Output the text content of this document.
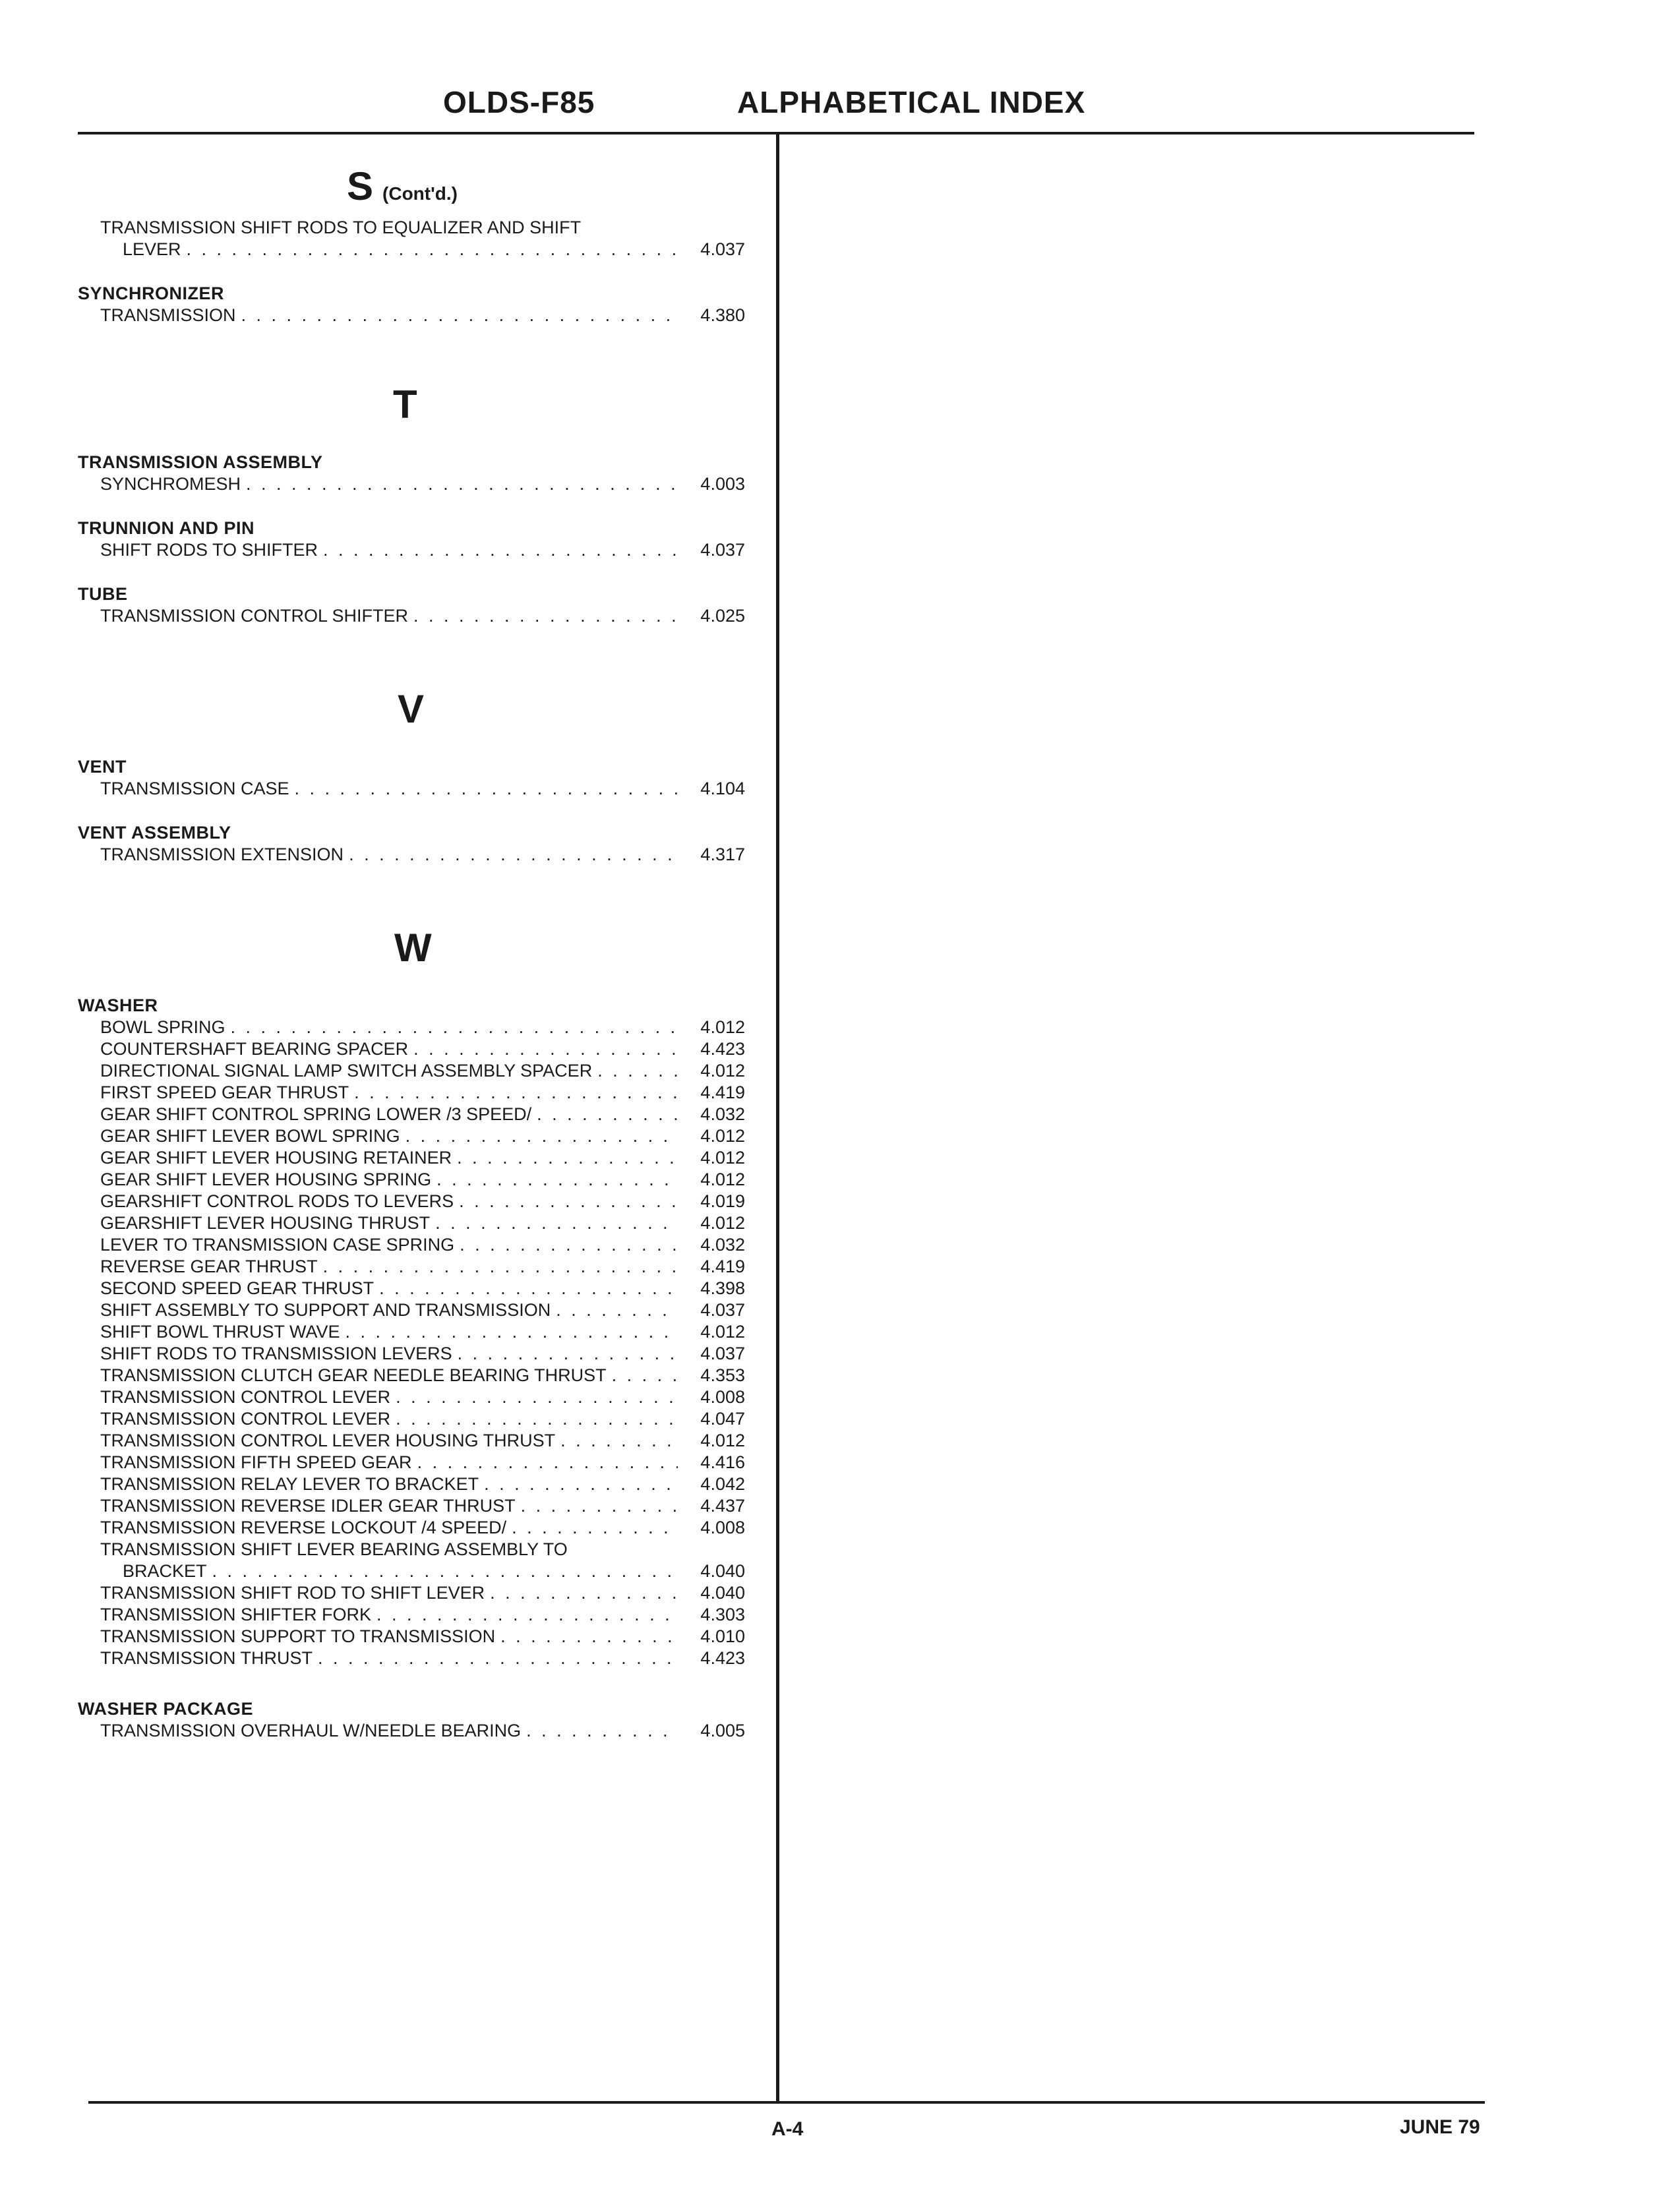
OLDS-F85	ALPHABETICAL INDEX
S (Cont'd.)
TRANSMISSION SHIFT RODS TO EQUALIZER AND SHIFT
LEVER . . .	4.037
SYNCHRONIZER
TRANSMISSION . . .	4.380
T
TRANSMISSION ASSEMBLY
SYNCHROMESH . . .	4.003
TRUNNION AND PIN
SHIFT RODS TO SHIFTER . . .	4.037
TUBE
TRANSMISSION CONTROL SHIFTER . . .	4.025
V
VENT
TRANSMISSION CASE . . .	4.104
VENT ASSEMBLY
TRANSMISSION EXTENSION . . .	4.317
W
WASHER
BOWL SPRING . . .	4.012
COUNTERSHAFT BEARING SPACER . . .	4.423
DIRECTIONAL SIGNAL LAMP SWITCH ASSEMBLY SPACER . . .	4.012
FIRST SPEED GEAR THRUST . . .	4.419
GEAR SHIFT CONTROL SPRING LOWER /3 SPEED/ . . .	4.032
GEAR SHIFT LEVER BOWL SPRING . . .	4.012
GEAR SHIFT LEVER HOUSING RETAINER . . .	4.012
GEAR SHIFT LEVER HOUSING SPRING . . .	4.012
GEARSHIFT CONTROL RODS TO LEVERS . . .	4.019
GEARSHIFT LEVER HOUSING THRUST . . .	4.012
LEVER TO TRANSMISSION CASE SPRING . . .	4.032
REVERSE GEAR THRUST . . .	4.419
SECOND SPEED GEAR THRUST . . .	4.398
SHIFT ASSEMBLY TO SUPPORT AND TRANSMISSION . . .	4.037
SHIFT BOWL THRUST WAVE . . .	4.012
SHIFT RODS TO TRANSMISSION LEVERS . . .	4.037
TRANSMISSION CLUTCH GEAR NEEDLE BEARING THRUST . . .	4.353
TRANSMISSION CONTROL LEVER . . .	4.008
TRANSMISSION CONTROL LEVER . . .	4.047
TRANSMISSION CONTROL LEVER HOUSING THRUST . . .	4.012
TRANSMISSION FIFTH SPEED GEAR . . .	4.416
TRANSMISSION RELAY LEVER TO BRACKET . . .	4.042
TRANSMISSION REVERSE IDLER GEAR THRUST . . .	4.437
TRANSMISSION REVERSE LOCKOUT /4 SPEED/ . . .	4.008
TRANSMISSION SHIFT LEVER BEARING ASSEMBLY TO
BRACKET . . .	4.040
TRANSMISSION SHIFT ROD TO SHIFT LEVER . . .	4.040
TRANSMISSION SHIFTER FORK . . .	4.303
TRANSMISSION SUPPORT TO TRANSMISSION . . .	4.010
TRANSMISSION THRUST . . .	4.423
WASHER PACKAGE
TRANSMISSION OVERHAUL W/NEEDLE BEARING . . .	4.005
A-4	JUNE 79
